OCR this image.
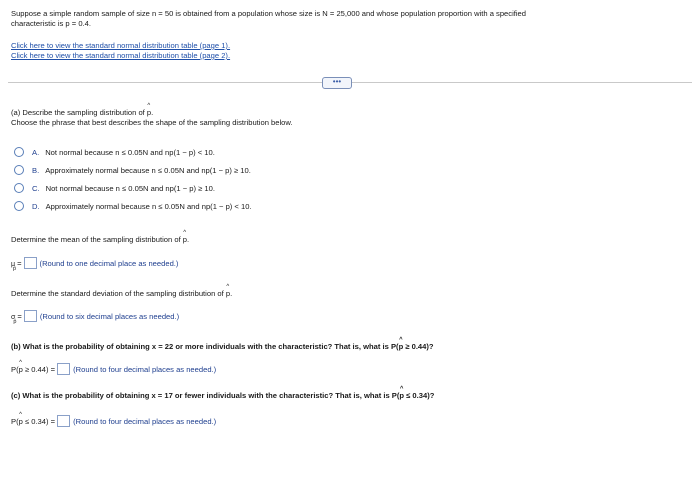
Suppose a simple random sample of size n = 50 is obtained from a population whose size is N = 25,000 and whose population proportion with a specified
characteristic is p = 0.4.
Click here to view the standard normal distribution table (page 1).
Click here to view the standard normal distribution table (page 2).
•••
(a) Describe the sampling distribution of ^ p.
Choose the phrase that best describes the shape of the sampling distribution below.
A. Not normal because n ≤ 0.05N and np(1 − p) < 10.
B. Approximately normal because n ≤ 0.05N and np(1 − p) ≥ 10.
C. Not normal because n ≤ 0.05N and np(1 − p) ≥ 10.
D. Approximately normal because n ≤ 0.05N and np(1 − p) < 10.
Determine the mean of the sampling distribution of ^ p.
$\mu_{p̂}=$ (Round to one decimal place as needed.)
Determine the standard deviation of the sampling distribution of ^ p.
$\sigma_{p̂}=$ (Round to six decimal places as needed.)
(b) What is the probability of obtaining x = 22 or more individuals with the characteristic? That is, what is P(^ p ≥ 0.44)?
P(^ p ≥ 0.44) = (Round to four decimal places as needed.)
(c) What is the probability of obtaining x = 17 or fewer individuals with the characteristic? That is, what is P(^ p ≤ 0.34)?
P(^ p ≤ 0.34) = (Round to four decimal places as needed.)
